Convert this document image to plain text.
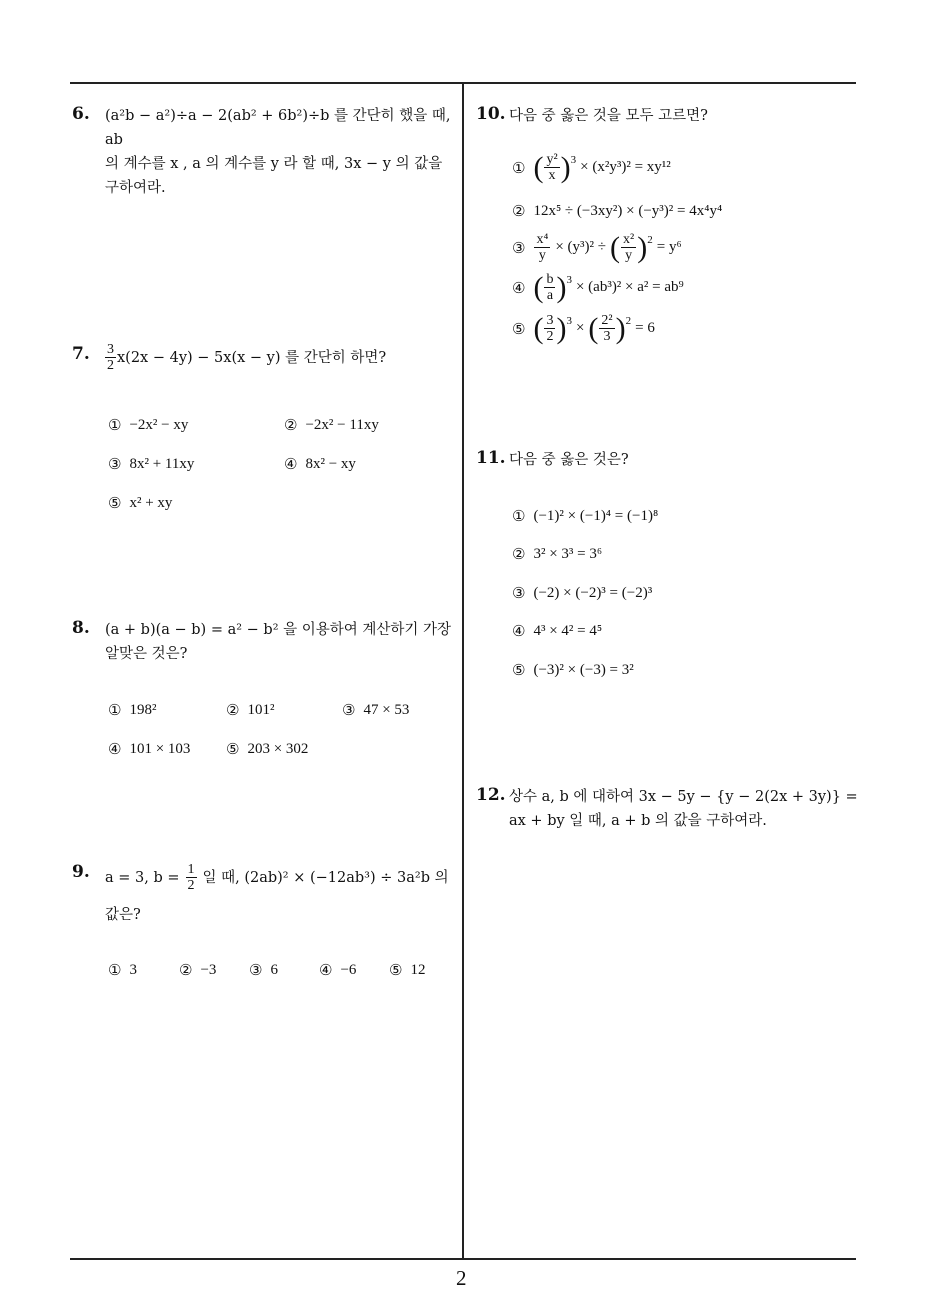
6. (a²b − a²)÷a − 2(ab² + 6b²)÷b 를 간단히 했을 때, ab
의 계수를 x , a 의 계수를 y 라 할 때, 3x − y 의 값을
구하여라.
7. $\frac{3}{2} x(2x - 4y) - 5x(x - y)$ 를 간단히 하면?
① −2x² − xy	② −2x² − 11xy
③ 8x² + 11xy	④ 8x² − xy
⑤ x² + xy
8. (a + b)(a − b) = a² − b² 을 이용하여 계산하기 가장
알맞은 것은?
① 198²	② 101²	③ 47 × 53
④ 101 × 103 ⑤ 203 × 302
9. a = 3, $b = \frac{1}{2}$ 일 때, (2ab)² × (−12ab³) ÷ 3a²b 의
값은?
① 3	② −3 ③ 6	④ −6 ⑤ 12
10. 다음 중 옳은 것을 모두 고르면?
① ( $\frac{\text{y²}}{x} )^3 \times (x^2y^3)^2 = xy^{12}$
② 12x⁵ ÷ (−3xy²) × (−y³)² = 4x⁴y⁴
③ $\frac{\text{x⁴}}{y} \times (y^3)^2$ ÷ ( $\frac{\text{x²}}{y} )^2 = y^6$
④ ( $\frac{b}{a} )^3 \times (ab^3)^2 \times a^2 = ab^9$
⑤ ( $\frac{3}{2} )^3$ × ( $\frac{\text{2²}}{3} )^2 = 6$
11. 다음 중 옳은 것은?
① (−1)² × (−1)⁴ = (−1)⁸
② 3² × 3³ = 3⁶
③ (−2) × (−2)³ = (−2)³
④ 4³ × 4² = 4⁵
⑤ (−3)² × (−3) = 3²
12. 상수 a, b 에 대하여 3x − 5y − {y − 2(2x + 3y)} =
ax + by 일 때, a + b 의 값을 구하여라.
2
